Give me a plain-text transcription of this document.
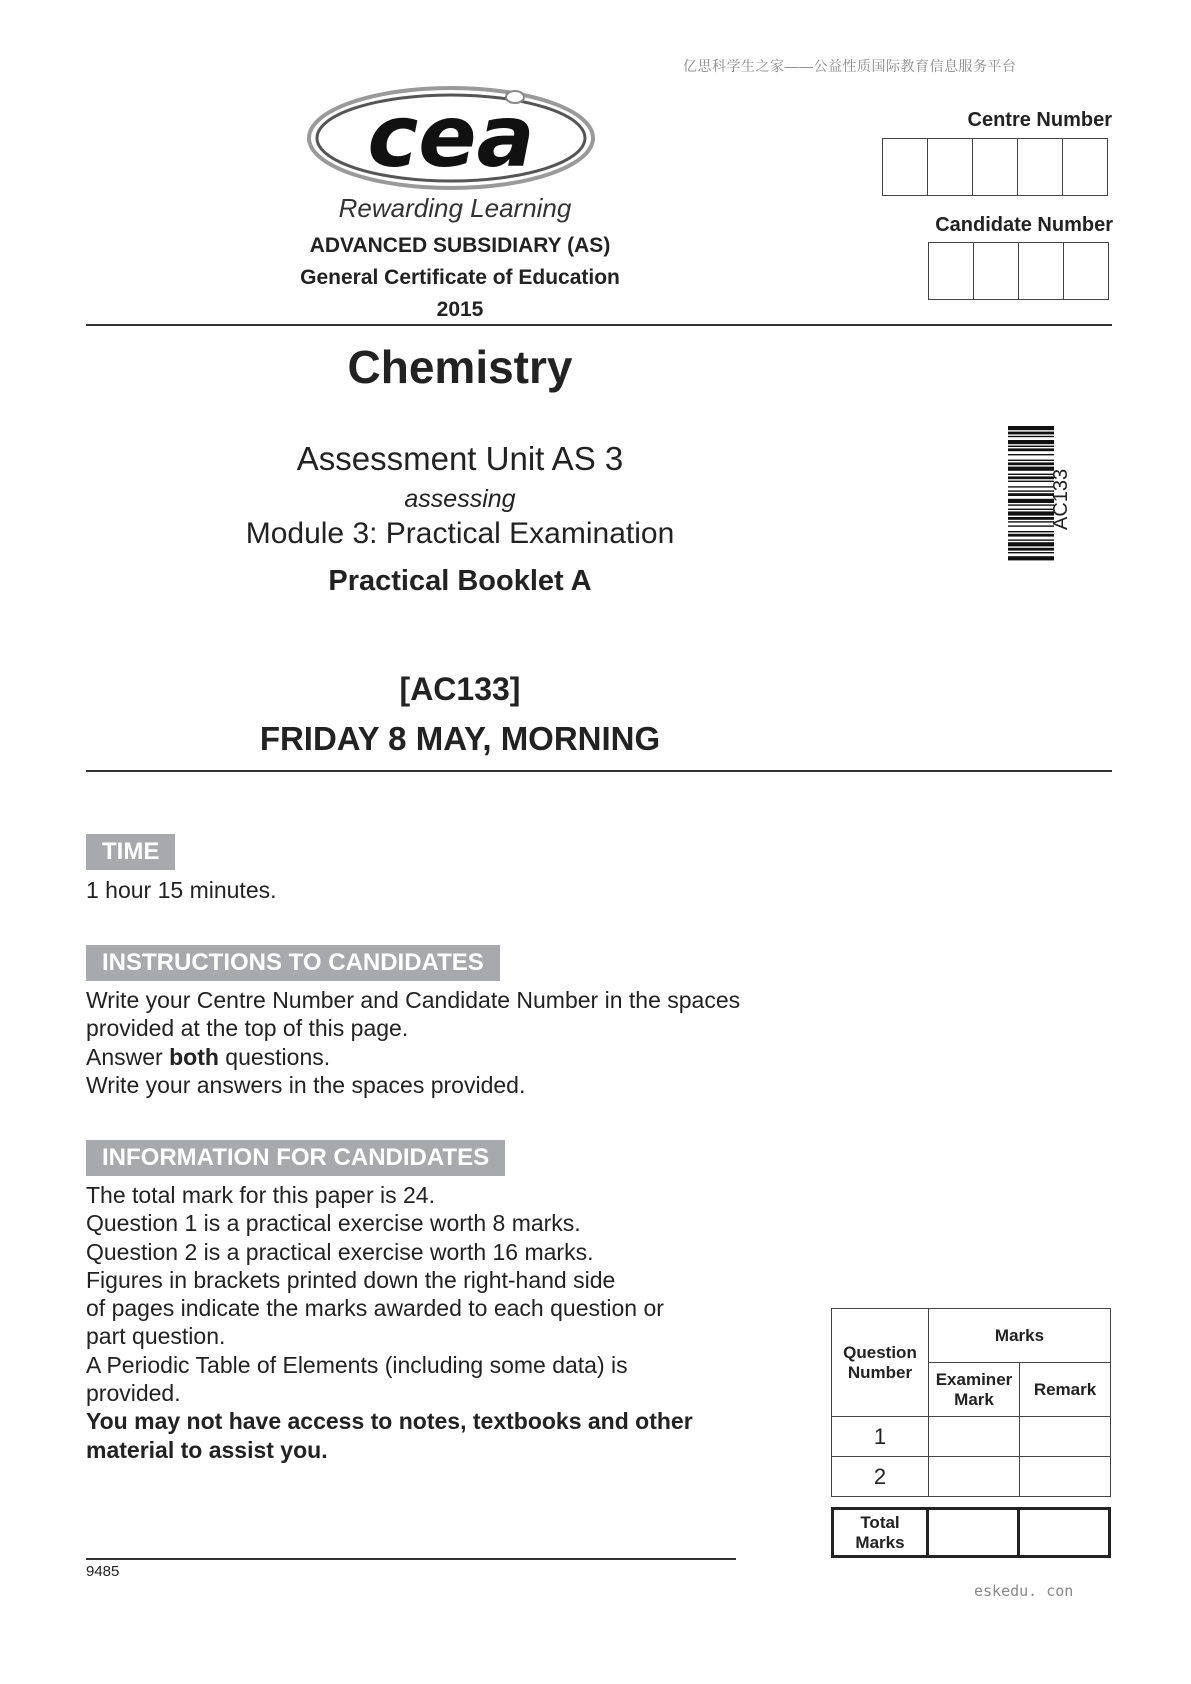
亿思科学生之家——公益性质国际教育信息服务平台
cea
Rewarding Learning
ADVANCED SUBSIDIARY (AS)
General Certificate of Education
2015
Centre Number
Candidate Number
Chemistry
Assessment Unit AS 3
assessing
Module 3: Practical Examination
Practical Booklet A
[AC133]
FRIDAY 8 MAY, MORNING
AC133
TIME
1 hour 15 minutes.
INSTRUCTIONS TO CANDIDATES
Write your Centre Number and Candidate Number in the spaces
provided at the top of this page.
Answer both questions.
Write your answers in the spaces provided.
INFORMATION FOR CANDIDATES
The total mark for this paper is 24.
Question 1 is a practical exercise worth 8 marks.
Question 2 is a practical exercise worth 16 marks.
Figures in brackets printed down the right-hand side
of pages indicate the marks awarded to each question or
part question.
A Periodic Table of Elements (including some data) is
provided.
You may not have access to notes, textbooks and other
material to assist you.
Question Number	Marks	
	Examiner Mark	Remark
1		
2		
Total Marks		
9485
eskedu. con
